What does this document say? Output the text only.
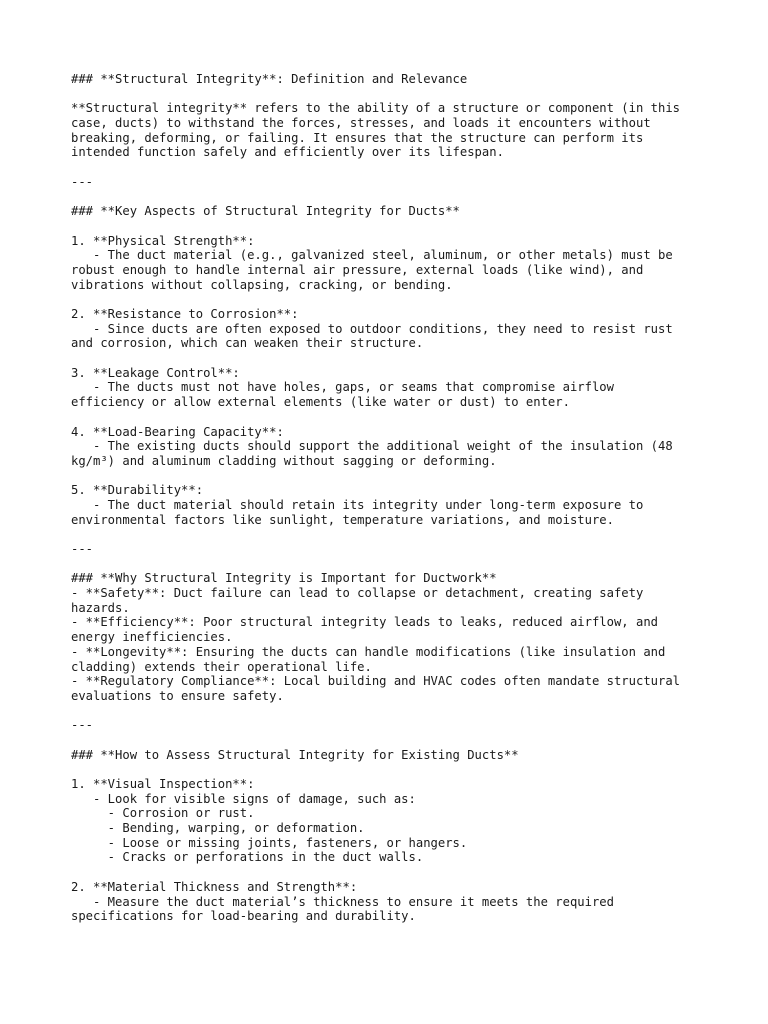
### **Structural Integrity**: Definition and Relevance
**Structural integrity** refers to the ability of a structure or component (in this
case, ducts) to withstand the forces, stresses, and loads it encounters without
breaking, deforming, or failing. It ensures that the structure can perform its
intended function safely and efficiently over its lifespan.
---
### **Key Aspects of Structural Integrity for Ducts**
1. **Physical Strength**:
- The duct material (e.g., galvanized steel, aluminum, or other metals) must be
robust enough to handle internal air pressure, external loads (like wind), and
vibrations without collapsing, cracking, or bending.
2. **Resistance to Corrosion**:
- Since ducts are often exposed to outdoor conditions, they need to resist rust
and corrosion, which can weaken their structure.
3. **Leakage Control**:
- The ducts must not have holes, gaps, or seams that compromise airflow
efficiency or allow external elements (like water or dust) to enter.
4. **Load-Bearing Capacity**:
- The existing ducts should support the additional weight of the insulation (48
kg/m³) and aluminum cladding without sagging or deforming.
5. **Durability**:
- The duct material should retain its integrity under long-term exposure to
environmental factors like sunlight, temperature variations, and moisture.
---
### **Why Structural Integrity is Important for Ductwork**
- **Safety**: Duct failure can lead to collapse or detachment, creating safety
hazards.
- **Efficiency**: Poor structural integrity leads to leaks, reduced airflow, and
energy inefficiencies.
- **Longevity**: Ensuring the ducts can handle modifications (like insulation and
cladding) extends their operational life.
- **Regulatory Compliance**: Local building and HVAC codes often mandate structural
evaluations to ensure safety.
---
### **How to Assess Structural Integrity for Existing Ducts**
1. **Visual Inspection**:
- Look for visible signs of damage, such as:
- Corrosion or rust.
- Bending, warping, or deformation.
- Loose or missing joints, fasteners, or hangers.
- Cracks or perforations in the duct walls.
2. **Material Thickness and Strength**:
- Measure the duct material’s thickness to ensure it meets the required
specifications for load-bearing and durability.
